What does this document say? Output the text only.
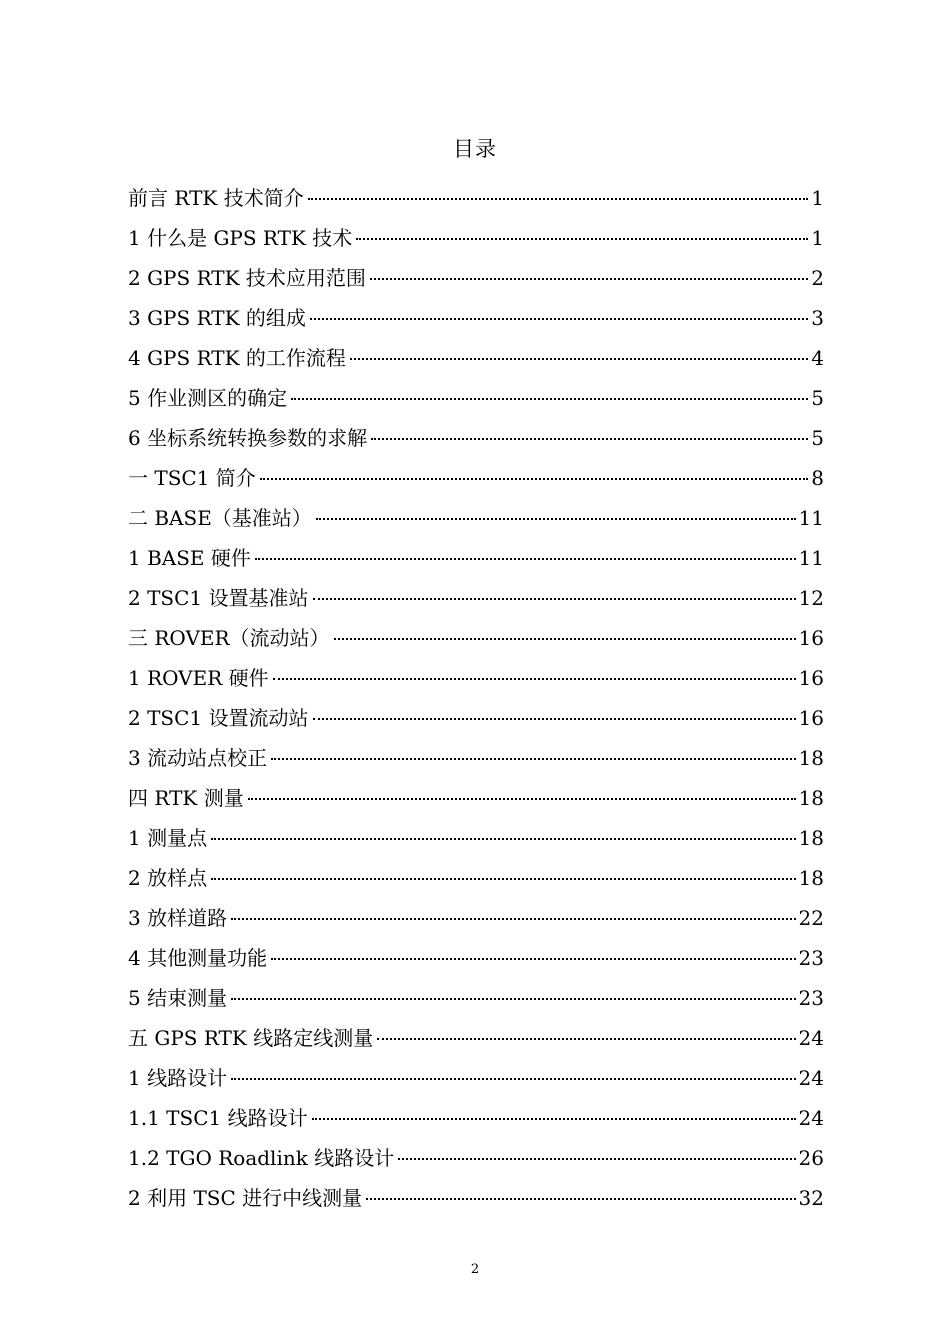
目录
前言 RTK 技术简介	1
1 什么是 GPS RTK 技术	1
2 GPS RTK 技术应用范围	2
3 GPS RTK 的组成	3
4 GPS RTK 的工作流程	4
5 作业测区的确定	5
6 坐标系统转换参数的求解	5
一 TSC1 简介	8
二 BASE（基准站）	11
1 BASE 硬件	11
2 TSC1 设置基准站	12
三 ROVER（流动站）	16
1 ROVER 硬件	16
2 TSC1 设置流动站	16
3 流动站点校正	18
四 RTK 测量	18
1 测量点	18
2 放样点	18
3 放样道路	22
4 其他测量功能	23
5 结束测量	23
五 GPS RTK 线路定线测量	24
1 线路设计	24
1.1 TSC1 线路设计	24
1.2 TGO Roadlink 线路设计	26
2 利用 TSC 进行中线测量	32
2
